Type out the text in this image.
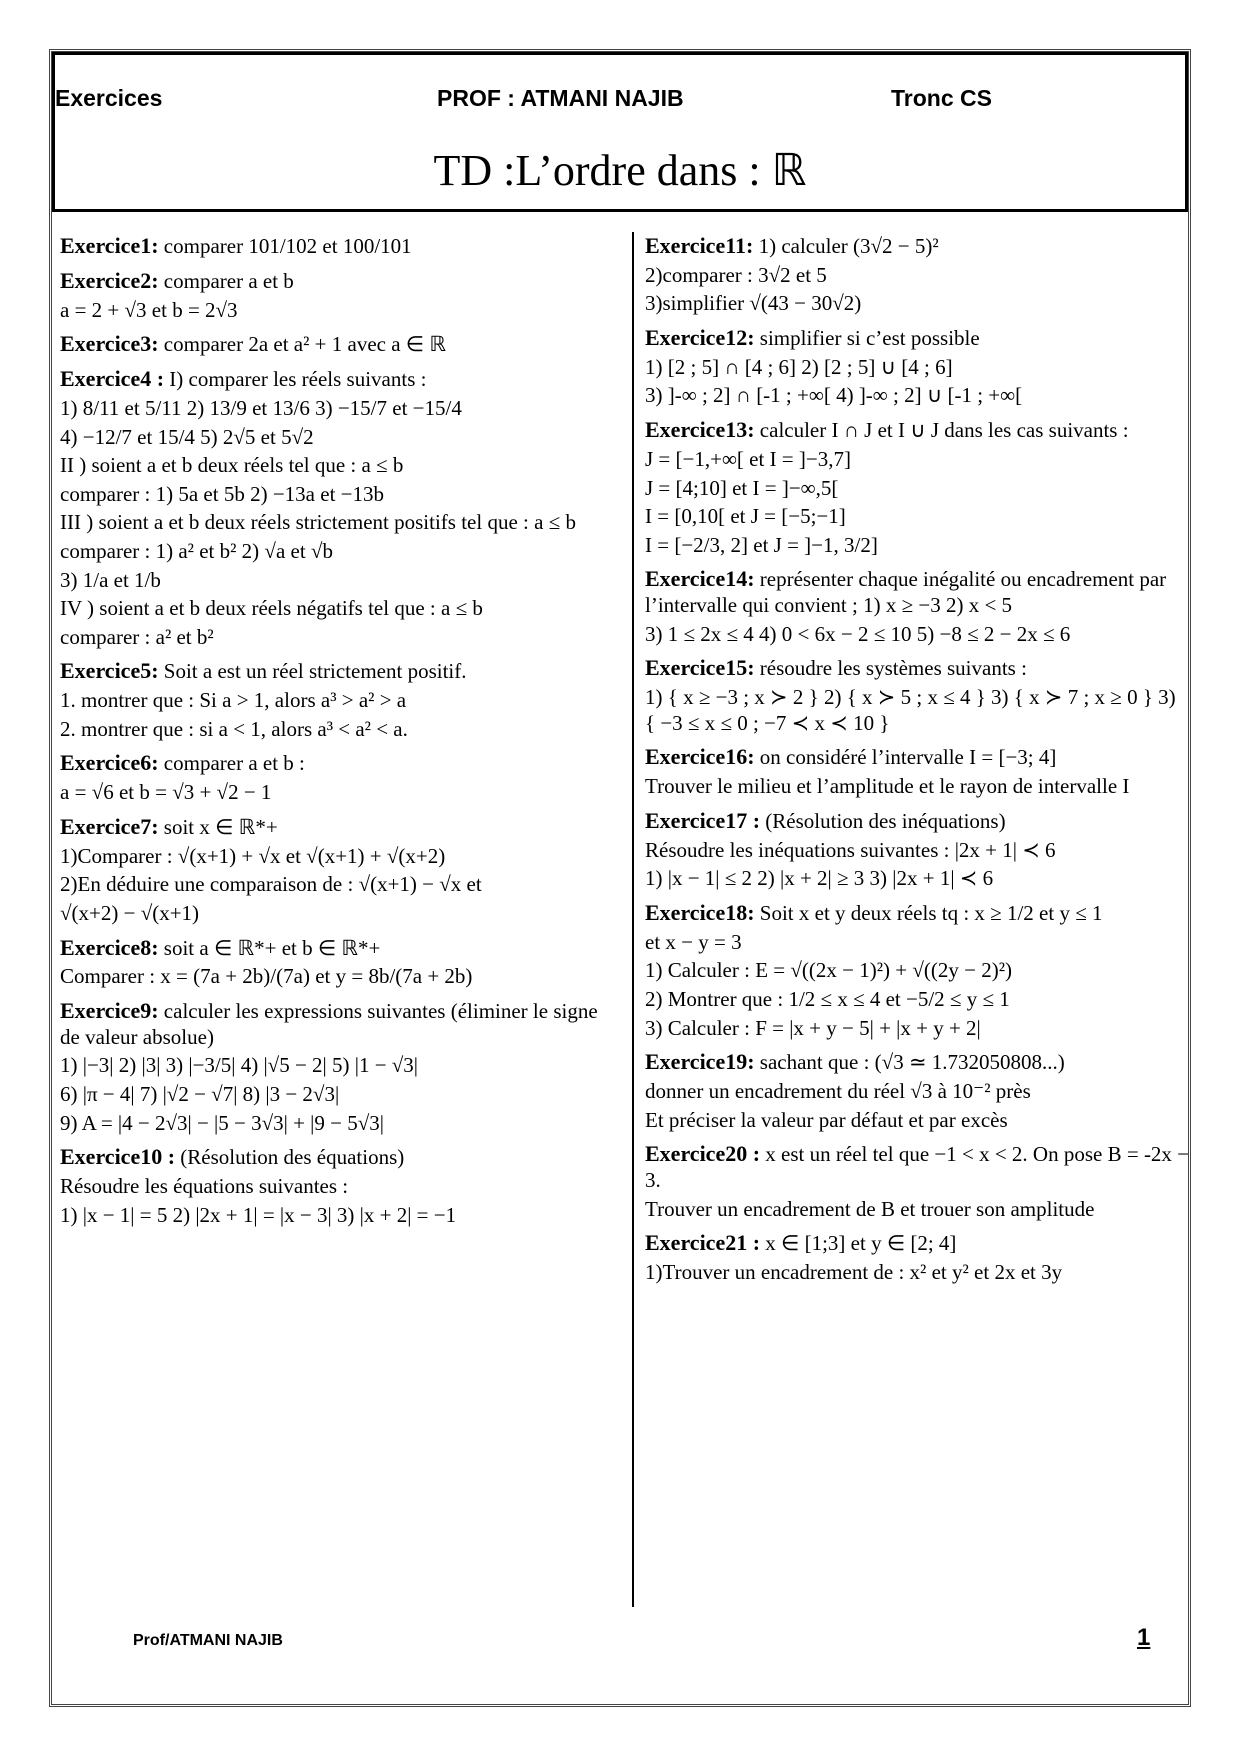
Exercices	PROF : ATMANI NAJIB	Tronc CS
TD :L’ordre dans : ℝ

Exercice1: comparer 101/102 et 100/101

Exercice2: comparer a et b

a = 2 + √3 et b = 2√3

Exercice3: comparer 2a et a² + 1 avec a ∈ ℝ

Exercice4 : I) comparer les réels suivants :

1) 8/11 et 5/11 2) 13/9 et 13/6 3) −15/7 et −15/4

4) −12/7 et 15/4 5) 2√5 et 5√2

II ) soient a et b deux réels tel que : a ≤ b

comparer : 1) 5a et 5b 2) −13a et −13b

III ) soient a et b deux réels strictement positifs tel que : a ≤ b

comparer : 1) a² et b² 2) √a et √b

3) 1/a et 1/b

IV ) soient a et b deux réels négatifs tel que : a ≤ b

comparer : a² et b²

Exercice5: Soit a est un réel strictement positif.

1. montrer que : Si a > 1, alors a³ > a² > a

2. montrer que : si a < 1, alors a³ < a² < a.

Exercice6: comparer a et b :

a = √6 et b = √3 + √2 − 1

Exercice7: soit x ∈ ℝ*+

1)Comparer : √(x+1) + √x et √(x+1) + √(x+2)

2)En déduire une comparaison de : √(x+1) − √x et

√(x+2) − √(x+1)

Exercice8: soit a ∈ ℝ*+ et b ∈ ℝ*+

Comparer : x = (7a + 2b)/(7a) et y = 8b/(7a + 2b)

Exercice9: calculer les expressions suivantes (éliminer le signe de valeur absolue)

1) |−3| 2) |3| 3) |−3/5| 4) |√5 − 2| 5) |1 − √3|

6) |π − 4| 7) |√2 − √7| 8) |3 − 2√3|

9) A = |4 − 2√3| − |5 − 3√3| + |9 − 5√3|

Exercice10 : (Résolution des équations)

Résoudre les équations suivantes :

1) |x − 1| = 5 2) |2x + 1| = |x − 3| 3) |x + 2| = −1

Exercice11: 1) calculer (3√2 − 5)²

2)comparer : 3√2 et 5

3)simplifier √(43 − 30√2)

Exercice12: simplifier si c’est possible

1) [2 ; 5] ∩ [4 ; 6] 2) [2 ; 5] ∪ [4 ; 6]

3) ]-∞ ; 2] ∩ [-1 ; +∞[ 4) ]-∞ ; 2] ∪ [-1 ; +∞[

Exercice13: calculer I ∩ J et I ∪ J dans les cas suivants :

J = [−1,+∞[ et I = ]−3,7]

J = [4;10] et I = ]−∞,5[

I = [0,10[ et J = [−5;−1]

I = [−2/3, 2] et J = ]−1, 3/2]

Exercice14: représenter chaque inégalité ou encadrement par l’intervalle qui convient ; 1) x ≥ −3 2) x < 5

3) 1 ≤ 2x ≤ 4 4) 0 < 6x − 2 ≤ 10 5) −8 ≤ 2 − 2x ≤ 6

Exercice15: résoudre les systèmes suivants :

1) { x ≥ −3 ; x ≻ 2 } 2) { x ≻ 5 ; x ≤ 4 } 3) { x ≻ 7 ; x ≥ 0 } 3) { −3 ≤ x ≤ 0 ; −7 ≺ x ≺ 10 }

Exercice16: on considéré l’intervalle I = [−3; 4]

Trouver le milieu et l’amplitude et le rayon de intervalle I

Exercice17 : (Résolution des inéquations)

Résoudre les inéquations suivantes : |2x + 1| ≺ 6

1) |x − 1| ≤ 2 2) |x + 2| ≥ 3 3) |2x + 1| ≺ 6

Exercice18: Soit x et y deux réels tq : x ≥ 1/2 et y ≤ 1

et x − y = 3

1) Calculer : E = √((2x − 1)²) + √((2y − 2)²)

2) Montrer que : 1/2 ≤ x ≤ 4 et −5/2 ≤ y ≤ 1

3) Calculer : F = |x + y − 5| + |x + y + 2|

Exercice19: sachant que : (√3 ≃ 1.732050808...)

donner un encadrement du réel √3 à 10⁻² près

Et préciser la valeur par défaut et par excès

Exercice20 : x est un réel tel que −1 < x < 2. On pose B = -2x − 3.

Trouver un encadrement de B et trouer son amplitude

Exercice21 : x ∈ [1;3] et y ∈ [2; 4]

1)Trouver un encadrement de : x² et y² et 2x et 3y

Prof/ATMANI NAJIB	1
